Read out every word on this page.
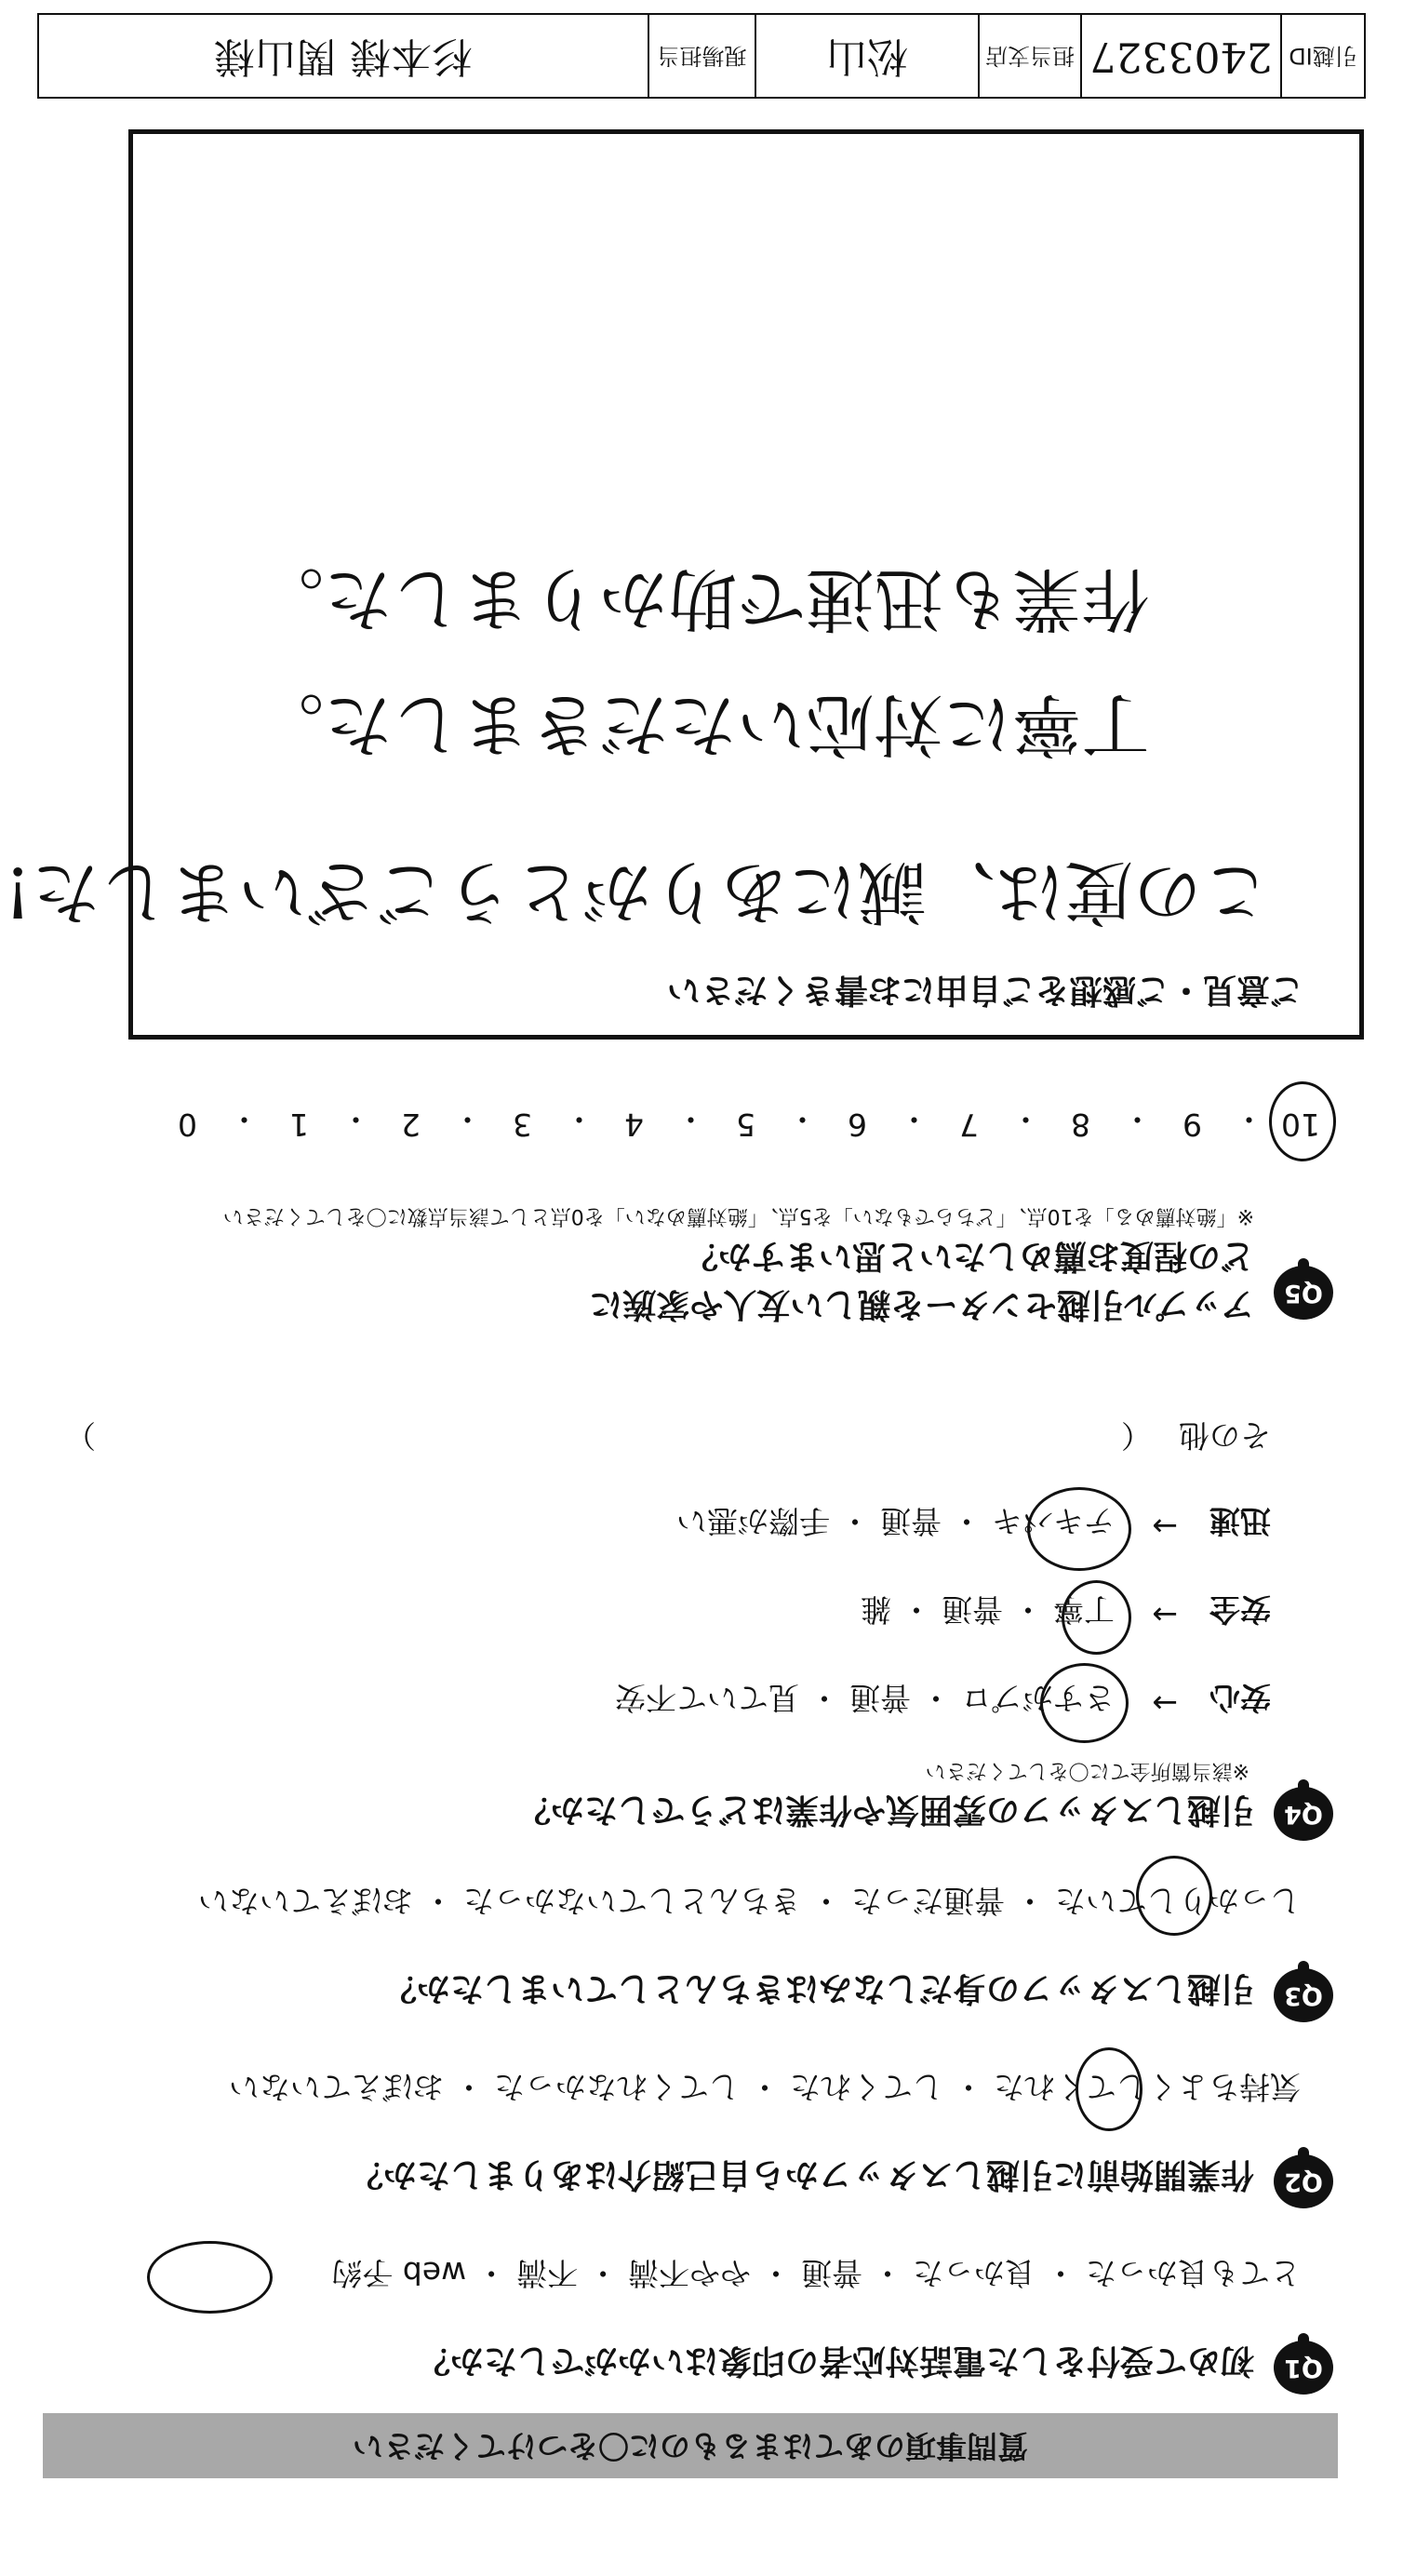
質問事項のあてはまるものに〇をつけてください
Q1
初めて受付をした電話対応者の印象はいかがでしたか？
とても良かった ・ 良かった ・ 普通 ・ やや不満 ・ 不満 ・ web 予約
Q2
作業開始前に引越しスタッフから自己紹介はありましたか？
気持ちよくしてくれた ・ してくれた ・ してくれなかった ・ おぼえていない
Q3
引越しスタッフの身だしなみはきちんとしていましたか？
しっかりしていた ・ 普通だった ・ きちんとしていなかった ・ おぼえていない
Q4
引越しスタッフの雰囲気や作業はどうでしたか？
※該当箇所全てに〇をしてください
安心
→
さすがプロ ・ 普通 ・ 見ていて不安
安全
→
丁寧 ・ 普通 ・ 雑
迅速
→
テキパキ ・ 普通 ・ 手際が悪い
その他
（
）
Q5
アップル引越センターを親しい友人や家族に
どの程度お薦めしたいと思いますか？
※「絶対薦める」を10点、「どちらでもない」を5点、「絶対薦めない」を0点として該当点数に〇をしてください
10
9
8
7
6
5
4
3
2
1
0	・
・
・
・
・
・
・
・
・
・
ご意見・ご感想をご自由にお書きください
この度は、誠にありがとうございました!
丁寧に対応いただきました。
作業も迅速で助かりました。
引越ID
2403327
担当支店
松山
現場担当
杉本様 関山様
